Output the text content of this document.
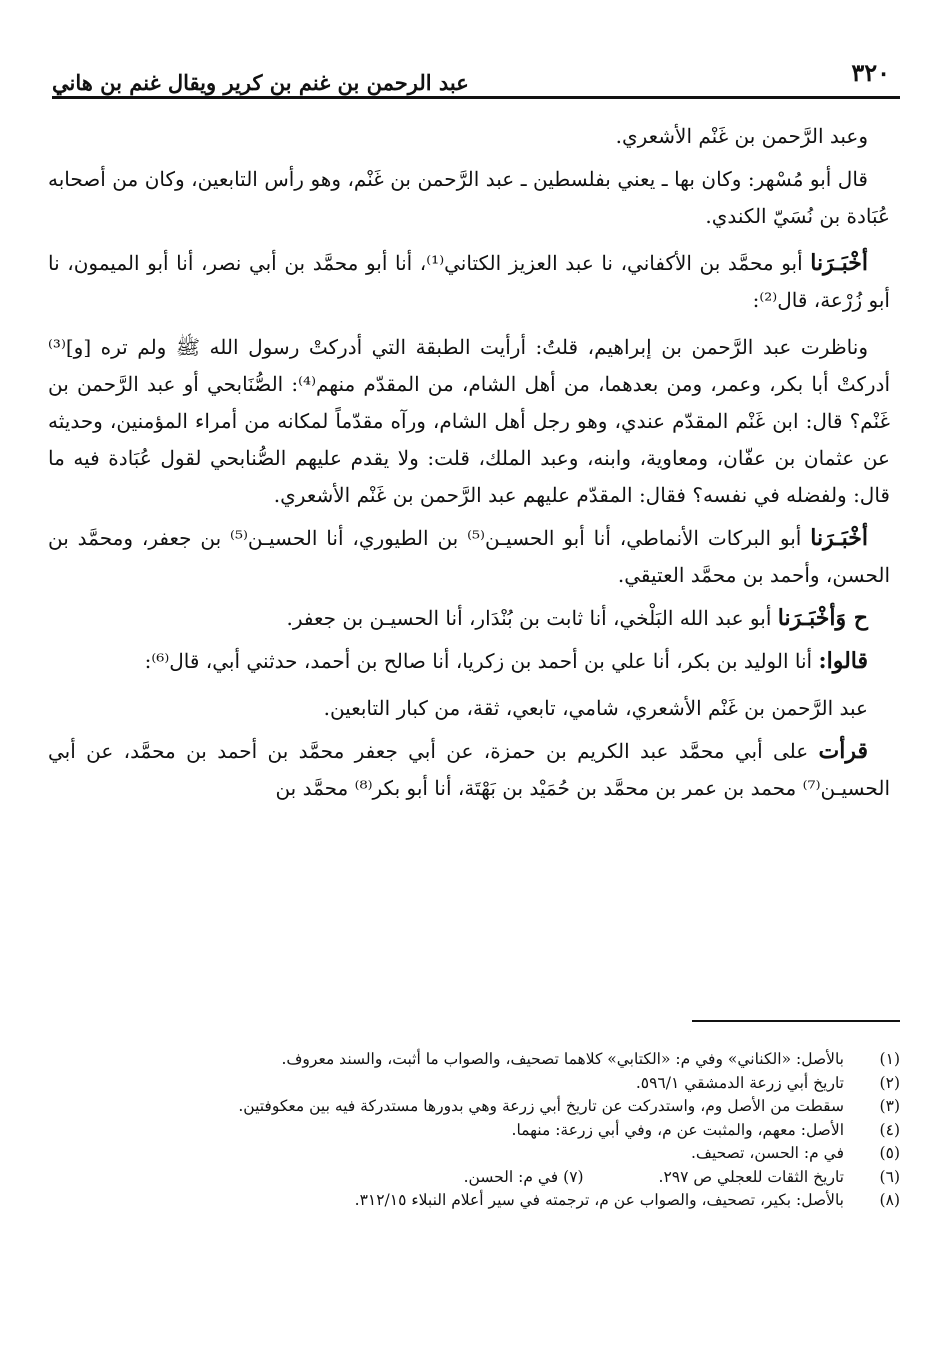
٣٢٠
عبد الرحمن بن غنم بن كرير ويقال غنم بن هاني

وعبد الرَّحمن بن غَنْم الأشعري.

قال أبو مُسْهر: وكان بها ـ يعني بفلسطين ـ عبد الرَّحمن بن غَنْم، وهو رأس التابعين، وكان من أصحابه عُبَادة بن نُسَيّ الكندي.

أخْبَـرَنا أبو محمَّد بن الأكفاني، نا عبد العزيز الكتاني⁽¹⁾، أنا أبو محمَّد بن أبي نصر، أنا أبو الميمون، نا أبو زُرْعة، قال⁽²⁾:

وناظرت عبد الرَّحمن بن إبراهيم، قلتُ: أرأيت الطبقة التي أدركتْ رسول الله ﷺ ولم تره [و]⁽³⁾ أدركتْ أبا بكر، وعمر، ومن بعدهما، من أهل الشام، من المقدّم منهم⁽⁴⁾: الصُّنَابحي أو عبد الرَّحمن بن غَنْم؟ قال: ابن غَنْم المقدّم عندي، وهو رجل أهل الشام، ورآه مقدّماً لمكانه من أمراء المؤمنين، وحديثه عن عثمان بن عفّان، ومعاوية، وابنه، وعبد الملك، قلت: ولا يقدم عليهم الصُّنابحي لقول عُبَادة فيه ما قال: ولفضله في نفسه؟ فقال: المقدّم عليهم عبد الرَّحمن بن غَنْم الأشعري.

أخْبَـرَنا أبو البركات الأنماطي، أنا أبو الحسيـن⁽⁵⁾ بن الطيوري، أنا الحسيـن⁽⁵⁾ بن جعفر، ومحمَّد بن الحسن، وأحمد بن محمَّد العتيقي.

ح وَأخْبَـرَنا أبو عبد الله البَلْخي، أنا ثابت بن بُنْدَار، أنا الحسيـن بن جعفر.

قالوا: أنا الوليد بن بكر، أنا علي بن أحمد بن زكريا، أنا صالح بن أحمد، حدثني أبي، قال⁽⁶⁾:

عبد الرَّحمن بن غَنْم الأشعري، شامي، تابعي، ثقة، من كبار التابعين.

قرأت على أبي محمَّد عبد الكريم بن حمزة، عن أبي جعفر محمَّد بن أحمد بن محمَّد، عن أبي الحسيـن⁽⁷⁾ محمد بن عمر بن محمَّد بن حُمَيْد بن بَهْتَة، أنا أبو بكر⁽⁸⁾ محمَّد بن

(١)
بالأصل: «الكناني» وفي م: «الكتابي» كلاهما تصحيف، والصواب ما أثبت، والسند معروف.
(٢)
تاريخ أبي زرعة الدمشقي ٥٩٦/١.
(٣)
سقطت من الأصل وم، واستدركت عن تاريخ أبي زرعة وهي بدورها مستدركة فيه بين معكوفتين.
(٤)
الأصل: معهم، والمثبت عن م، وفي أبي زرعة: منهما.
(٥)
في م: الحسن، تصحيف.
(٦)
تاريخ الثقات للعجلي ص ٢٩٧. (٧) في م: الحسن.
(٨)
بالأصل: بكير، تصحيف، والصواب عن م، ترجمته في سير أعلام النبلاء ٣١٢/١٥.
